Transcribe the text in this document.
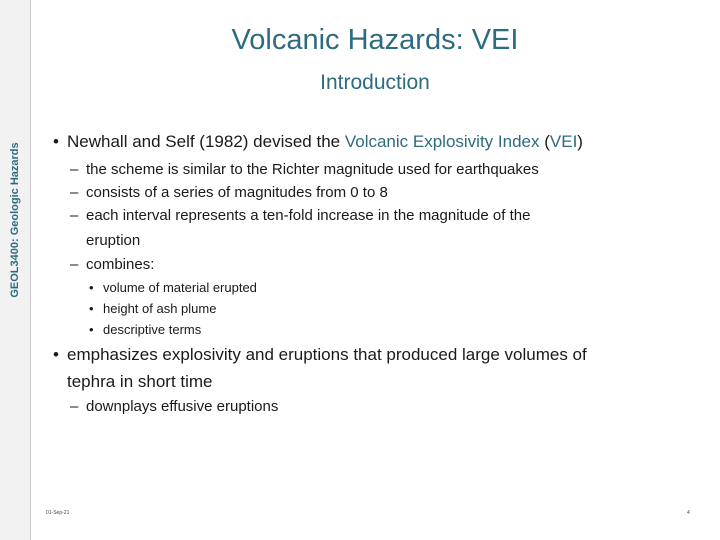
GEOL3400: Geologic Hazards
Volcanic Hazards: VEI
Introduction
• Newhall and Self (1982) devised the Volcanic Explosivity Index (VEI)
– the scheme is similar to the Richter magnitude used for earthquakes
– consists of a series of magnitudes from 0 to 8
– each interval represents a ten-fold increase in the magnitude of the
eruption
– combines:
• volume of material erupted
• height of ash plume
• descriptive terms
• emphasizes explosivity and eruptions that produced large volumes of
tephra in short time
– downplays effusive eruptions
01-Sep-21	4
